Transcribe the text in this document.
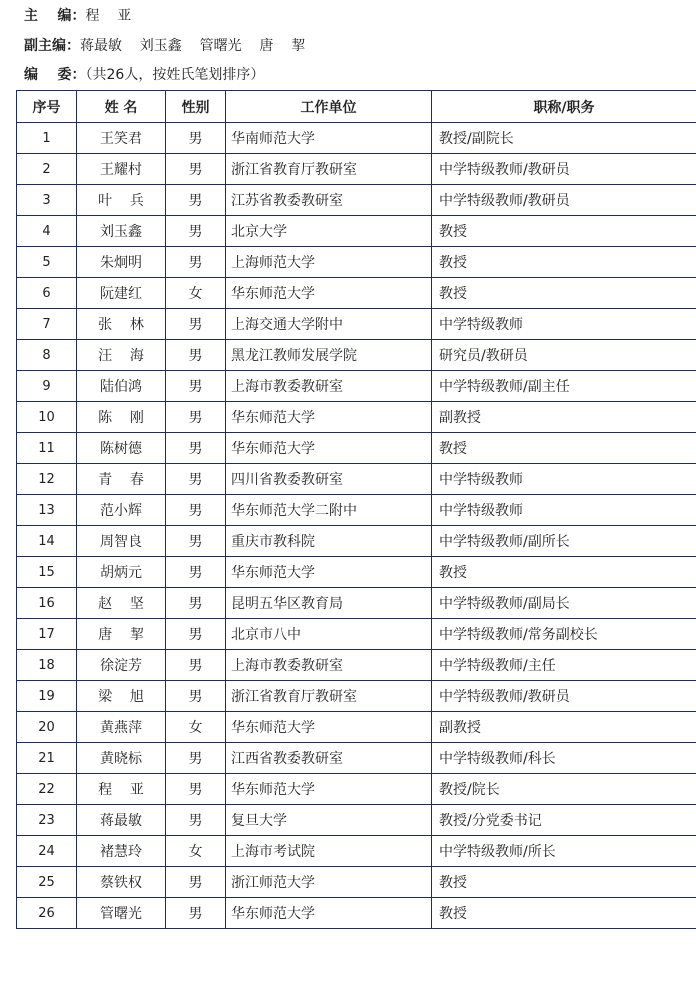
主    编：程    亚
副主编：蒋最敏    刘玉鑫    管曙光    唐    挈
编    委：（共26人，按姓氏笔划排序）
序号	姓 名	性别	工作单位	职称/职务
1	王笑君	男	华南师范大学	教授/副院长
2	王耀村	男	浙江省教育厅教研室	中学特级教师/教研员
3	叶    兵	男	江苏省教委教研室	中学特级教师/教研员
4	刘玉鑫	男	北京大学	教授
5	朱炯明	男	上海师范大学	教授
6	阮建红	女	华东师范大学	教授
7	张    林	男	上海交通大学附中	中学特级教师
8	汪    海	男	黑龙江教师发展学院	研究员/教研员
9	陆伯鸿	男	上海市教委教研室	中学特级教师/副主任
10	陈    刚	男	华东师范大学	副教授
11	陈树德	男	华东师范大学	教授
12	青    春	男	四川省教委教研室	中学特级教师
13	范小辉	男	华东师范大学二附中	中学特级教师
14	周智良	男	重庆市教科院	中学特级教师/副所长
15	胡炳元	男	华东师范大学	教授
16	赵    坚	男	昆明五华区教育局	中学特级教师/副局长
17	唐    挈	男	北京市八中	中学特级教师/常务副校长
18	徐淀芳	男	上海市教委教研室	中学特级教师/主任
19	梁    旭	男	浙江省教育厅教研室	中学特级教师/教研员
20	黄燕萍	女	华东师范大学	副教授
21	黄晓标	男	江西省教委教研室	中学特级教师/科长
22	程    亚	男	华东师范大学	教授/院长
23	蒋最敏	男	复旦大学	教授/分党委书记
24	褚慧玲	女	上海市考试院	中学特级教师/所长
25	蔡铁权	男	浙江师范大学	教授
26	管曙光	男	华东师范大学	教授
